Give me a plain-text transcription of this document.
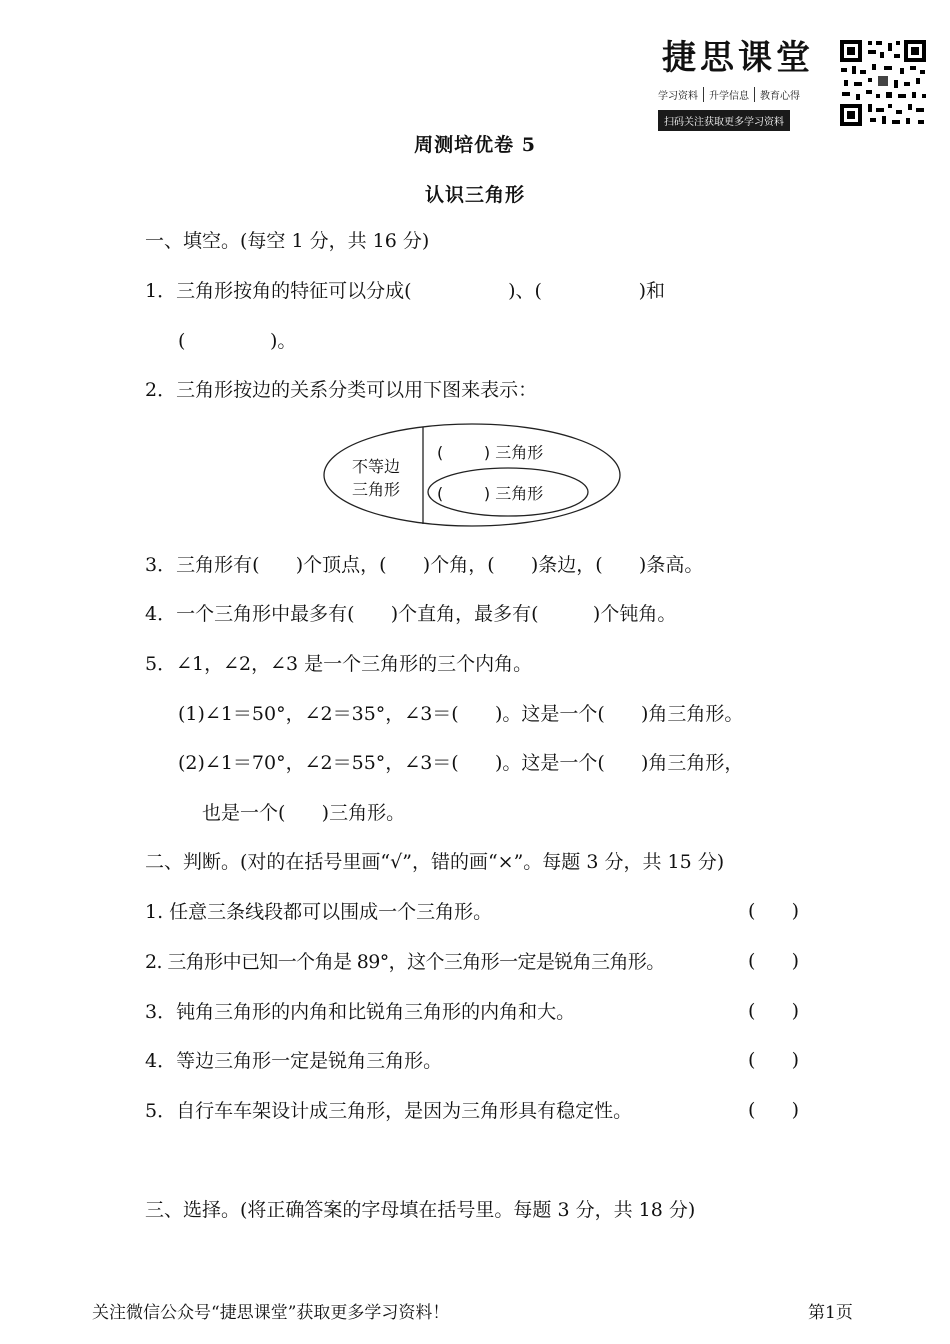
捷思课堂
学习资料	升学信息	教育心得
扫码关注获取更多学习资料
周测培优卷 5
认识三角形
一、填空。(每空 1 分，共 16 分)
1．三角形按角的特征可以分成(                )、(                )和
(              )。
2．三角形按边的关系分类可以用下图来表示：
不等边
三角形
(        ) 三角形
(        ) 三角形
3．三角形有(      )个顶点，(      )个角，(      )条边，(      )条高。
4．一个三角形中最多有(      )个直角，最多有(         )个钝角。
5．∠1，∠2，∠3 是一个三角形的三个内角。
(1)∠1＝50°，∠2＝35°，∠3＝(      )。这是一个(      )角三角形。
(2)∠1＝70°，∠2＝55°，∠3＝(      )。这是一个(      )角三角形，
也是一个(      )三角形。
二、判断。(对的在括号里画“√”，错的画“×”。每题 3 分，共 15 分)
1. 任意三条线段都可以围成一个三角形。	(      )
2. 三角形中已知一个角是 89°，这个三角形一定是锐角三角形。	(      )
3．钝角三角形的内角和比锐角三角形的内角和大。	(      )
4．等边三角形一定是锐角三角形。	(      )
5．自行车车架设计成三角形，是因为三角形具有稳定性。	(      )
三、选择。(将正确答案的字母填在括号里。每题 3 分，共 18 分)
关注微信公众号“捷思课堂”获取更多学习资料！	第1页
